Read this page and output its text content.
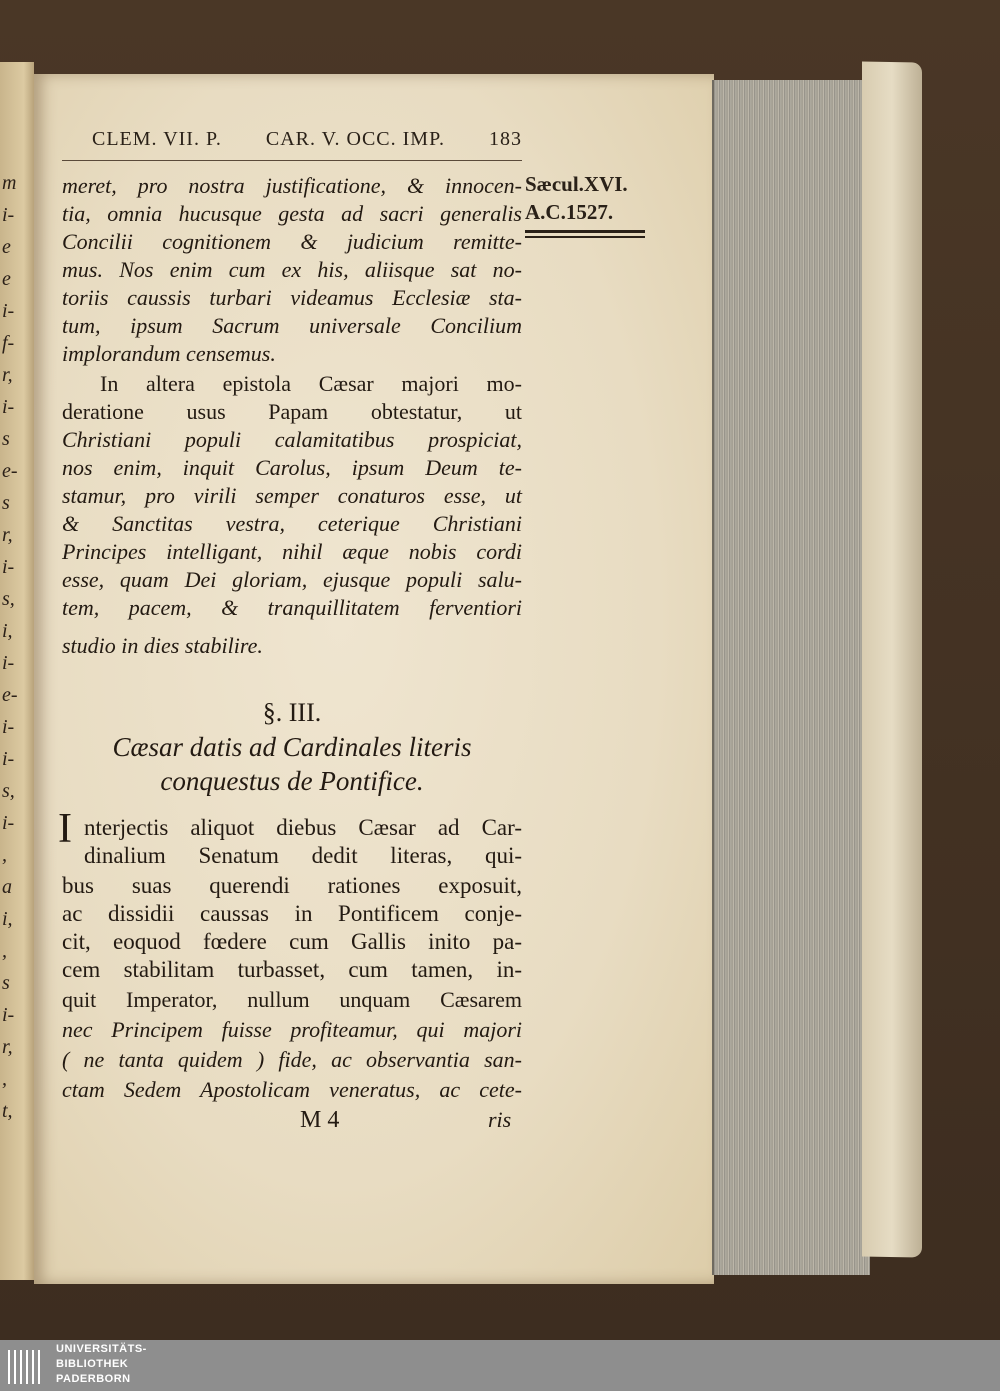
m
i-
e
e
i-
f-
r,
i-
s
e-
s
r,
i-
s,
i,
i-
e-
i-
i-
s,
i-
,
a
i,
,
s
i-
r,
,
t,
CLEM. VII. P. CAR. V. OCC. IMP. 183
Sæcul.XVI.
A.C.1527.
meret, pro nostra justificatione, & innocen-
tia, omnia hucusque gesta ad sacri generalis
Concilii cognitionem & judicium remitte-
mus. Nos enim cum ex his, aliisque sat no-
toriis caussis turbari videamus Ecclesiæ sta-
tum, ipsum Sacrum universale Concilium
implorandum censemus.
In altera epistola Cæsar majori mo-
deratione usus Papam obtestatur, ut
Christiani populi calamitatibus prospiciat,
nos enim, inquit Carolus, ipsum Deum te-
stamur, pro virili semper conaturos esse, ut
& Sanctitas vestra, ceterique Christiani
Principes intelligant, nihil æque nobis cordi
esse, quam Dei gloriam, ejusque populi salu-
tem, pacem, & tranquillitatem ferventiori
studio in dies stabilire.
§. III.
Cæsar datis ad Cardinales literis
conquestus de Pontifice.
I nterjectis aliquot diebus Cæsar ad Car-
dinalium Senatum dedit literas, qui-
bus suas querendi rationes exposuit,
ac dissidii caussas in Pontificem conje-
cit, eoquod fœdere cum Gallis inito pa-
cem stabilitam turbasset, cum tamen, in-
quit Imperator, nullum unquam Cæsarem
nec Principem fuisse profiteamur, qui majori
( ne tanta quidem ) fide, ac observantia san-
ctam Sedem Apostolicam veneratus, ac cete-
M 4	ris
UNIVERSITÄTS-
BIBLIOTHEK
PADERBORN
